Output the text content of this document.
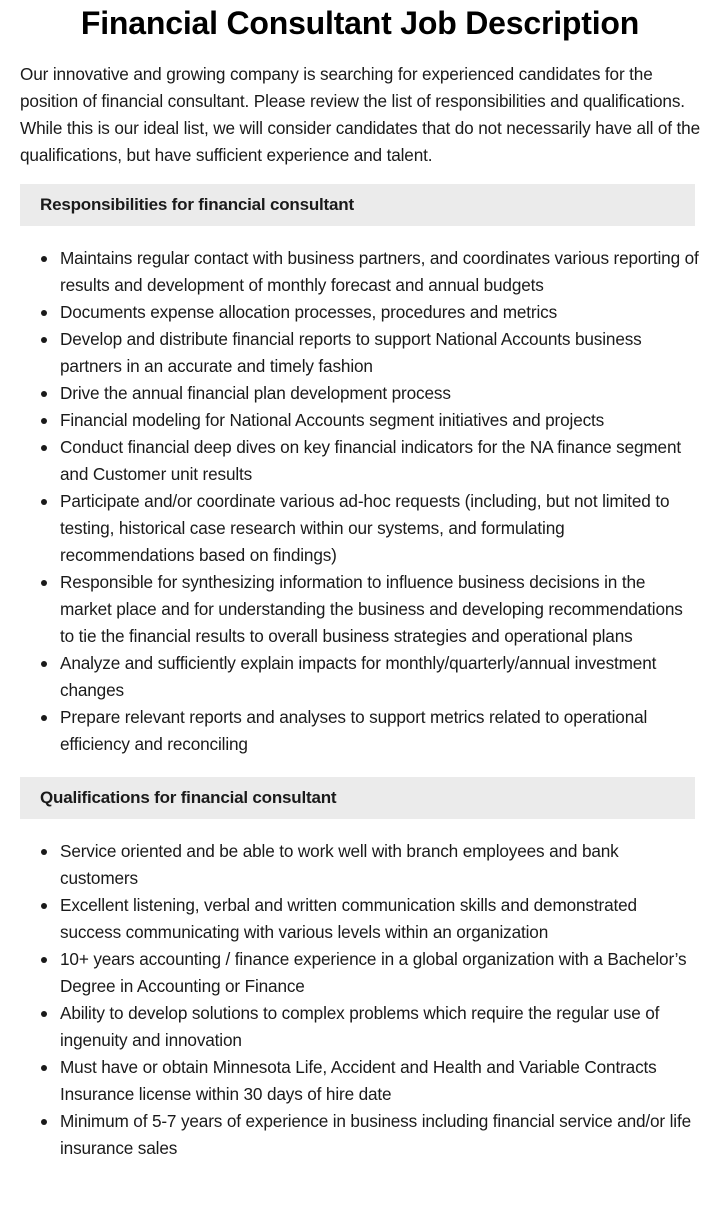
Financial Consultant Job Description

Our innovative and growing company is searching for experienced candidates for the position of financial consultant. Please review the list of responsibilities and qualifications. While this is our ideal list, we will consider candidates that do not necessarily have all of the qualifications, but have sufficient experience and talent.

Responsibilities for financial consultant
Maintains regular contact with business partners, and coordinates various reporting of results and development of monthly forecast and annual budgets
Documents expense allocation processes, procedures and metrics
Develop and distribute financial reports to support National Accounts business partners in an accurate and timely fashion
Drive the annual financial plan development process
Financial modeling for National Accounts segment initiatives and projects
Conduct financial deep dives on key financial indicators for the NA finance segment and Customer unit results
Participate and/or coordinate various ad-hoc requests (including, but not limited to testing, historical case research within our systems, and formulating recommendations based on findings)
Responsible for synthesizing information to influence business decisions in the market place and for understanding the business and developing recommendations to tie the financial results to overall business strategies and operational plans
Analyze and sufficiently explain impacts for monthly/quarterly/annual investment changes
Prepare relevant reports and analyses to support metrics related to operational efficiency and reconciling
Qualifications for financial consultant
Service oriented and be able to work well with branch employees and bank customers
Excellent listening, verbal and written communication skills and demonstrated success communicating with various levels within an organization
10+ years accounting / finance experience in a global organization with a Bachelor’s Degree in Accounting or Finance
Ability to develop solutions to complex problems which require the regular use of ingenuity and innovation
Must have or obtain Minnesota Life, Accident and Health and Variable Contracts Insurance license within 30 days of hire date
Minimum of 5-7 years of experience in business including financial service and/or life insurance sales
